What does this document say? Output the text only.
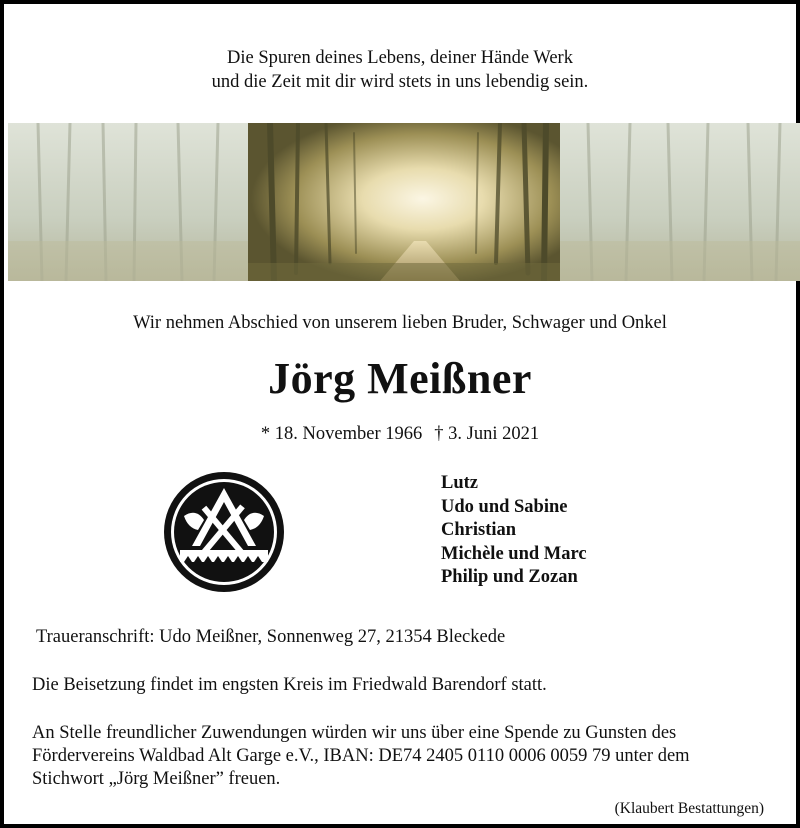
Die Spuren deines Lebens, deiner Hände Werk
und die Zeit mit dir wird stets in uns lebendig sein.
Wir nehmen Abschied von unserem lieben Bruder, Schwager und Onkel
Jörg Meißner
* 18. November 1966 † 3. Juni 2021
Lutz
Udo und Sabine
Christian
Michèle und Marc
Philip und Zozan
Traueranschrift: Udo Meißner, Sonnenweg 27, 21354 Bleckede
Die Beisetzung findet im engsten Kreis im Friedwald Barendorf statt.
An Stelle freundlicher Zuwendungen würden wir uns über eine Spende zu Gunsten des
Fördervereins Waldbad Alt Garge e.V., IBAN: DE74 2405 0110 0006 0059 79 unter dem
Stichwort „Jörg Meißner” freuen.
(Klaubert Bestattungen)
